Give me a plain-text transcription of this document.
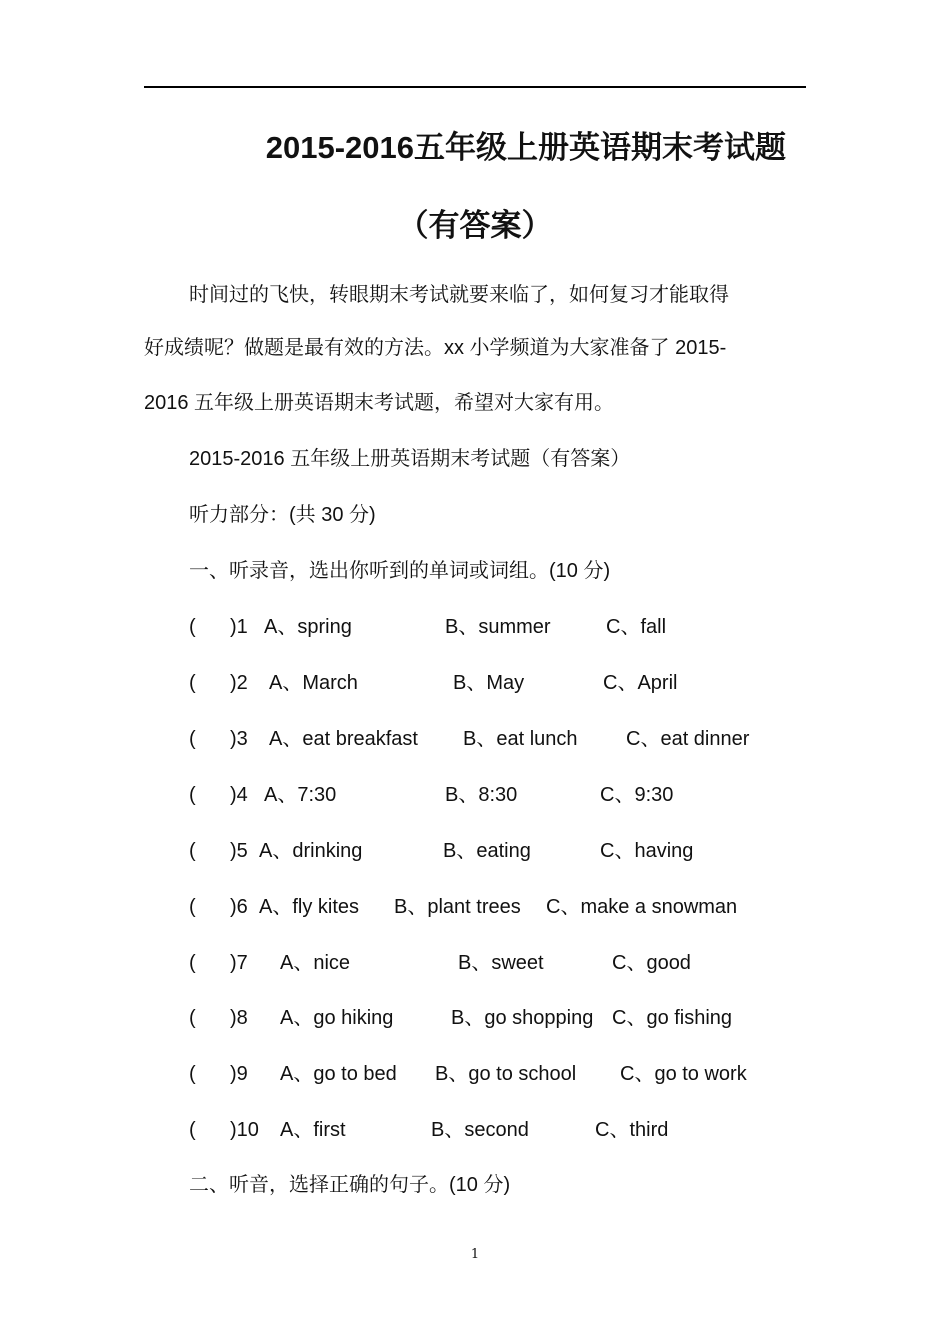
2015-2016五年级上册英语期末考试题
（有答案）
时间过的飞快，转眼期末考试就要来临了，如何复习才能取得
好成绩呢？做题是最有效的方法。xx 小学频道为大家准备了 2015-
2016 五年级上册英语期末考试题，希望对大家有用。
2015-2016 五年级上册英语期末考试题（有答案）
听力部分：(共 30 分)
一、听录音，选出你听到的单词或词组。(10 分)
( )1 A、spring	B、summer	C、fall
( )2 A、March	B、May	C、April
( )3 A、eat breakfast B、eat lunch C、eat dinner
( )4 A、7:30	B、8:30	C、9:30
( )5 A、drinking	B、eating	C、having
( )6 A、fly kites B、plant trees C、make a snowman
( )7 A、nice	B、sweet	C、good
( )8 A、go hiking	B、go shopping C、go fishing
( )9 A、go to bed B、go to school C、go to work
( )10 A、first	B、second	C、third
二、听音，选择正确的句子。(10 分)
1
